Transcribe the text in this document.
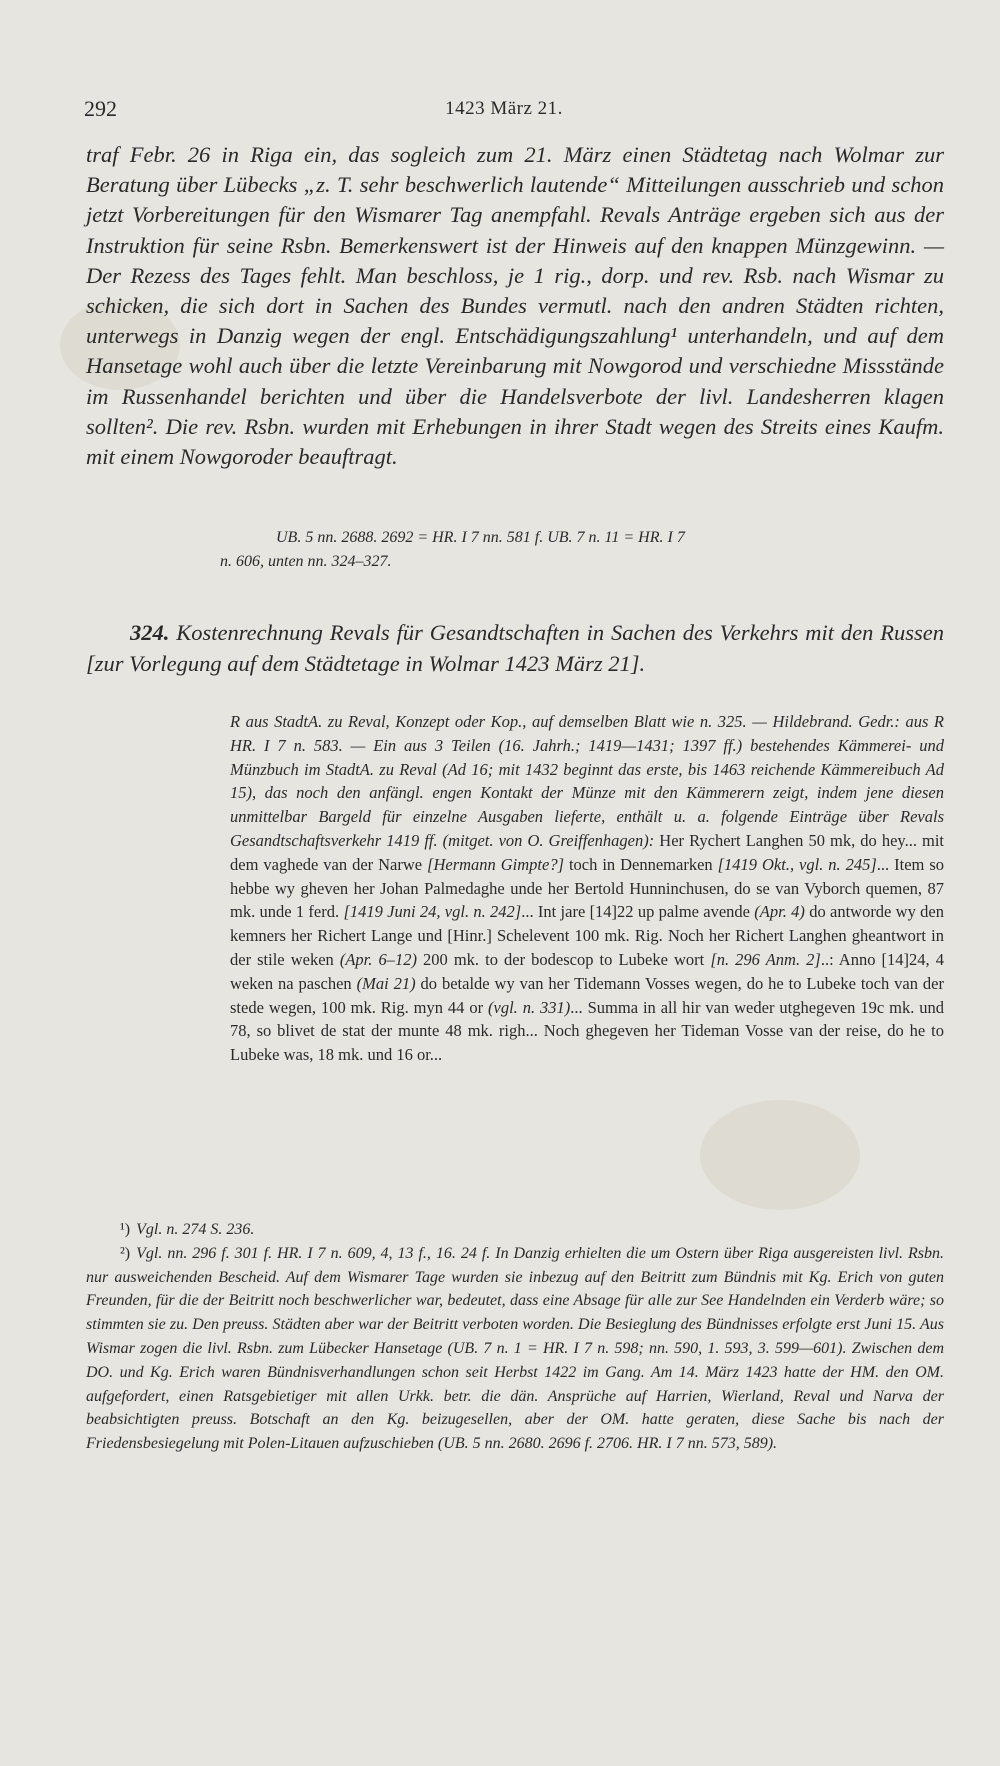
292	1423 März 21.
traf Febr. 26 in Riga ein, das sogleich zum 21. März einen Städtetag nach Wolmar zur Beratung über Lübecks „z. T. sehr beschwerlich lautende“ Mitteilungen ausschrieb und schon jetzt Vorbereitungen für den Wismarer Tag anempfahl. Revals Anträge ergeben sich aus der Instruktion für seine Rsbn. Bemerkenswert ist der Hinweis auf den knappen Münzgewinn. — Der Rezess des Tages fehlt. Man beschloss, je 1 rig., dorp. und rev. Rsb. nach Wismar zu schicken, die sich dort in Sachen des Bundes vermutl. nach den andren Städten richten, unterwegs in Danzig wegen der engl. Entschädigungszahlung¹ unterhandeln, und auf dem Hansetage wohl auch über die letzte Vereinbarung mit Nowgorod und verschiedne Missstände im Russenhandel berichten und über die Handelsverbote der livl. Landesherren klagen sollten². Die rev. Rsbn. wurden mit Erhebungen in ihrer Stadt wegen des Streits eines Kaufm. mit einem Nowgoroder beauftragt.
UB. 5 nn. 2688. 2692 = HR. I 7 nn. 581 f. UB. 7 n. 11 = HR. I 7
n. 606, unten nn. 324–327.
324. Kostenrechnung Revals für Gesandtschaften in Sachen des Verkehrs mit den Russen [zur Vorlegung auf dem Städtetage in Wolmar 1423 März 21].

R aus StadtA. zu Reval, Konzept oder Kop., auf demselben Blatt wie n. 325. — Hildebrand. Gedr.: aus R HR. I 7 n. 583. — Ein aus 3 Teilen (16. Jahrh.; 1419—1431; 1397 ff.) bestehendes Kämmerei- und Münzbuch im StadtA. zu Reval (Ad 16; mit 1432 beginnt das erste, bis 1463 reichende Kämmereibuch Ad 15), das noch den anfängl. engen Kontakt der Münze mit den Kämmerern zeigt, indem jene diesen unmittelbar Bargeld für einzelne Ausgaben lieferte, enthält u. a. folgende Einträge über Revals Gesandtschaftsverkehr 1419 ff. (mitget. von O. Greiffenhagen): Her Rychert Langhen 50 mk, do hey... mit dem vaghede van der Narwe [Hermann Gimpte?] toch in Dennemarken [1419 Okt., vgl. n. 245]... Item so hebbe wy gheven her Johan Palmedaghe unde her Bertold Hunninchusen, do se van Vyborch quemen, 87 mk. unde 1 ferd. [1419 Juni 24, vgl. n. 242]... Int jare [14]22 up palme avende (Apr. 4) do antworde wy den kemners her Richert Lange und [Hinr.] Schelevent 100 mk. Rig. Noch her Richert Langhen gheantwort in der stile weken (Apr. 6–12) 200 mk. to der bodescop to Lubeke wort [n. 296 Anm. 2]..: Anno [14]24, 4 weken na paschen (Mai 21) do betalde wy van her Tidemann Vosses wegen, do he to Lubeke toch van der stede wegen, 100 mk. Rig. myn 44 or (vgl. n. 331)... Summa in all hir van weder utghegeven 19c mk. und 78, so blivet de stat der munte 48 mk. righ... Noch ghegeven her Tideman Vosse van der reise, do he to Lubeke was, 18 mk. und 16 or...

¹) Vgl. n. 274 S. 236.

²) Vgl. nn. 296 f. 301 f. HR. I 7 n. 609, 4, 13 f., 16. 24 f. In Danzig erhielten die um Ostern über Riga ausgereisten livl. Rsbn. nur ausweichenden Bescheid. Auf dem Wismarer Tage wurden sie inbezug auf den Beitritt zum Bündnis mit Kg. Erich von guten Freunden, für die der Beitritt noch beschwerlicher war, bedeutet, dass eine Absage für alle zur See Handelnden ein Verderb wäre; so stimmten sie zu. Den preuss. Städten aber war der Beitritt verboten worden. Die Besieglung des Bündnisses erfolgte erst Juni 15. Aus Wismar zogen die livl. Rsbn. zum Lübecker Hansetage (UB. 7 n. 1 = HR. I 7 n. 598; nn. 590, 1. 593, 3. 599—601). Zwischen dem DO. und Kg. Erich waren Bündnisverhandlungen schon seit Herbst 1422 im Gang. Am 14. März 1423 hatte der HM. den OM. aufgefordert, einen Ratsgebietiger mit allen Urkk. betr. die dän. Ansprüche auf Harrien, Wierland, Reval und Narva der beabsichtigten preuss. Botschaft an den Kg. beizugesellen, aber der OM. hatte geraten, diese Sache bis nach der Friedensbesiegelung mit Polen-Litauen aufzuschieben (UB. 5 nn. 2680. 2696 f. 2706. HR. I 7 nn. 573, 589).
